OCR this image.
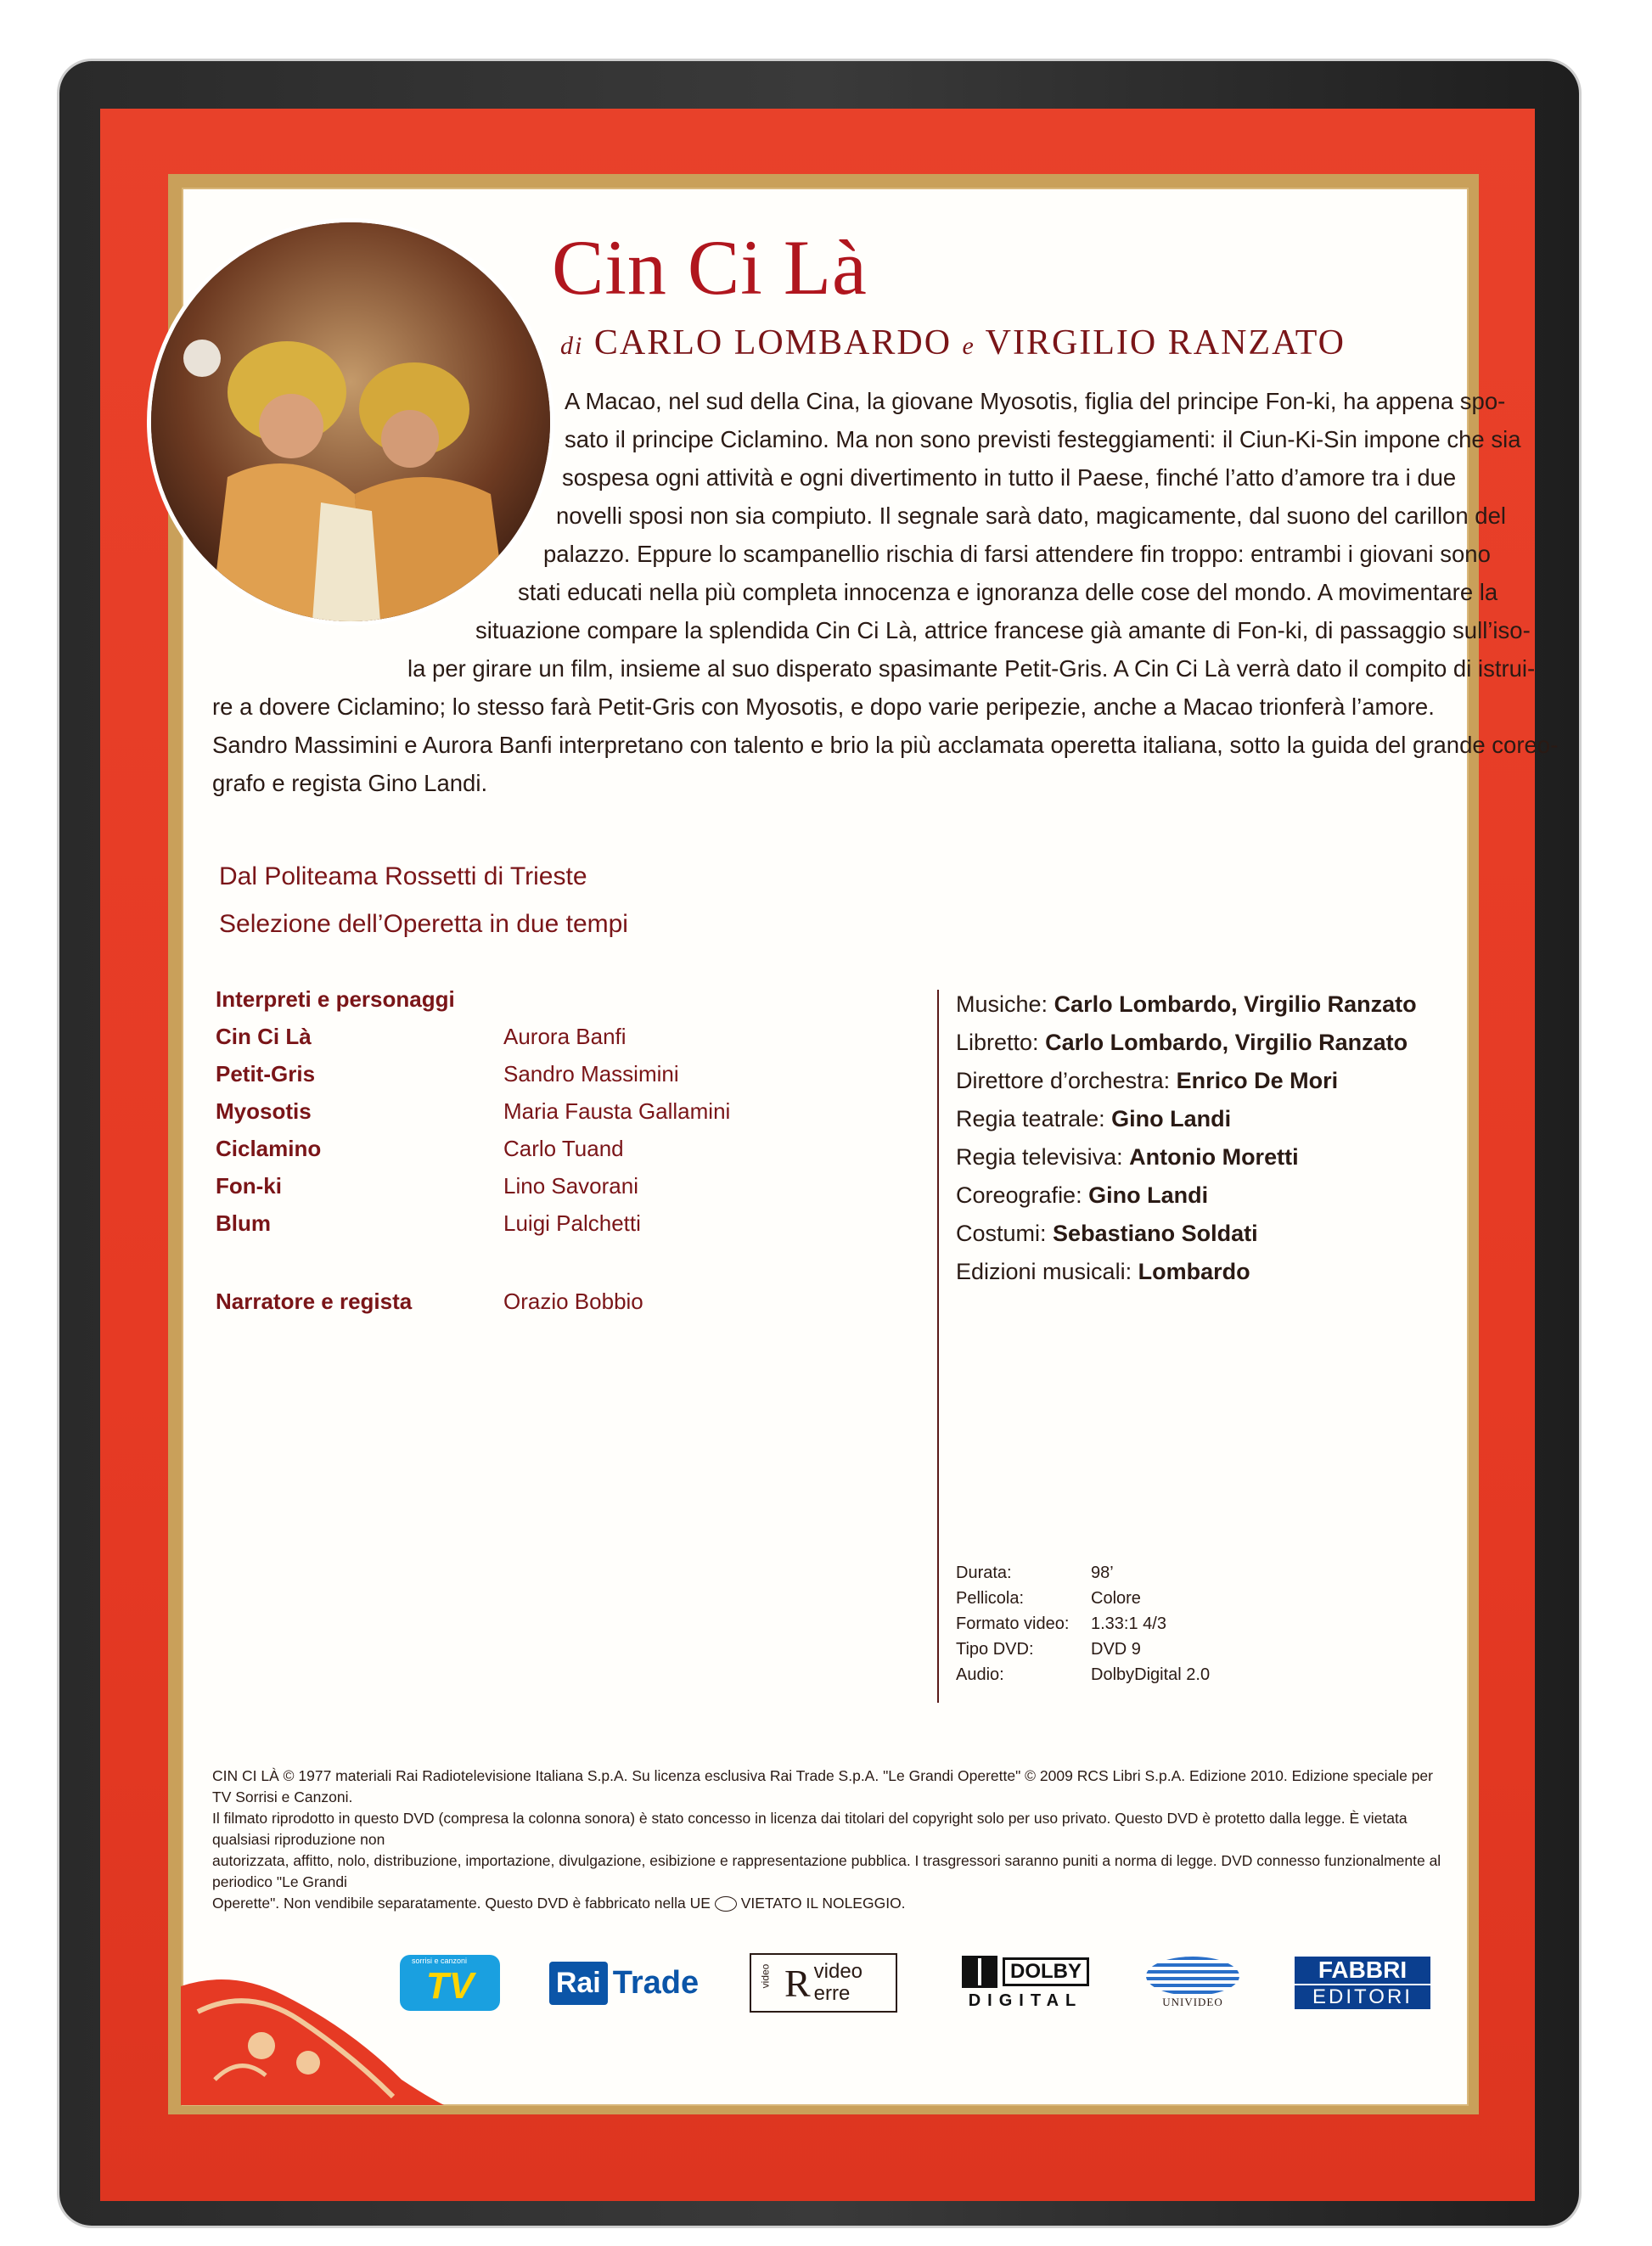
Cin Ci Là
di CARLO LOMBARDO e VIRGILIO RANZATO
A Macao, nel sud della Cina, la giovane Myosotis, figlia del principe Fon-ki, ha appena spo-
sato il principe Ciclamino. Ma non sono previsti festeggiamenti: il Ciun-Ki-Sin impone che sia
sospesa ogni attività e ogni divertimento in tutto il Paese, finché l’atto d’amore tra i due
novelli sposi non sia compiuto. Il segnale sarà dato, magicamente, dal suono del carillon del
palazzo. Eppure lo scampanellio rischia di farsi attendere fin troppo: entrambi i giovani sono
stati educati nella più completa innocenza e ignoranza delle cose del mondo. A movimentare la
situazione compare la splendida Cin Ci Là, attrice francese già amante di Fon-ki, di passaggio sull’iso-
la per girare un film, insieme al suo disperato spasimante Petit-Gris. A Cin Ci Là verrà dato il compito di istrui-
re a dovere Ciclamino; lo stesso farà Petit-Gris con Myosotis, e dopo varie peripezie, anche a Macao trionferà l’amore.
Sandro Massimini e Aurora Banfi interpretano con talento e brio la più acclamata operetta italiana, sotto la guida del grande coreo-
grafo e regista Gino Landi.
Dal Politeama Rossetti di Trieste
Selezione dell’Operetta in due tempi
Interpreti e personaggi
Cin Ci Là	Aurora Banfi
Petit-Gris	Sandro Massimini
Myosotis	Maria Fausta Gallamini
Ciclamino	Carlo Tuand
Fon-ki	Lino Savorani
Blum	Luigi Palchetti
Narratore e regista	Orazio Bobbio
Musiche: Carlo Lombardo, Virgilio Ranzato
Libretto: Carlo Lombardo, Virgilio Ranzato
Direttore d’orchestra: Enrico De Mori
Regia teatrale: Gino Landi
Regia televisiva: Antonio Moretti
Coreografie: Gino Landi
Costumi: Sebastiano Soldati
Edizioni musicali: Lombardo
Durata:	98’
Pellicola:	Colore
Formato video: 1.33:1 4/3
Tipo DVD:	DVD 9
Audio:	DolbyDigital 2.0
CIN CI LÀ © 1977 materiali Rai Radiotelevisione Italiana S.p.A. Su licenza esclusiva Rai Trade S.p.A. "Le Grandi Operette" © 2009 RCS Libri S.p.A. Edizione 2010. Edizione speciale per TV Sorrisi e Canzoni.
Il filmato riprodotto in questo DVD (compresa la colonna sonora) è stato concesso in licenza dai titolari del copyright solo per uso privato. Questo DVD è protetto dalla legge. È vietata qualsiasi riproduzione non
autorizzata, affitto, nolo, distribuzione, importazione, divulgazione, esibizione e rappresentazione pubblica. I trasgressori saranno puniti a norma di legge. DVD connesso funzionalmente al periodico "Le Grandi
Operette". Non vendibile separatamente. Questo DVD è fabbricato nella UE VIETATO IL NOLEGGIO.
sorrisi e canzoni
TV	Rai Trade	video R video
erre
DOLBY
DIGITAL	UNIVIDEO
FABBRI
EDITORI
